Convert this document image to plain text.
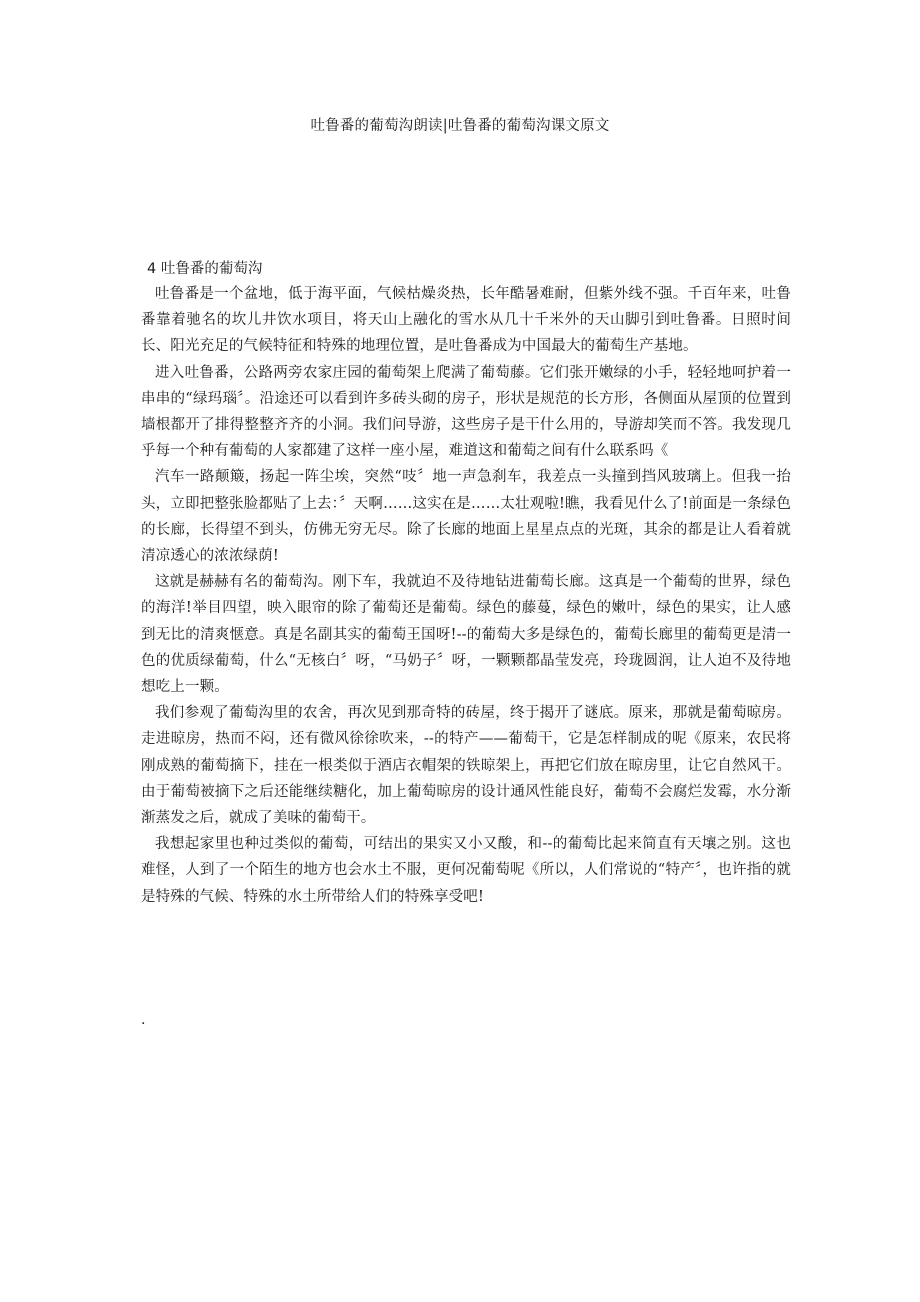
吐鲁番的葡萄沟朗读|吐鲁番的葡萄沟课文原文
4 吐鲁番的葡萄沟

吐鲁番是一个盆地，低于海平面，气候枯燥炎热，长年酷暑难耐，但紫外线不强。千百年来，吐鲁番靠着驰名的坎儿井饮水项目，将天山上融化的雪水从几十千米外的天山脚引到吐鲁番。日照时间长、阳光充足的气候特征和特殊的地理位置，是吐鲁番成为中国最大的葡萄生产基地。

进入吐鲁番，公路两旁农家庄园的葡萄架上爬满了葡萄藤。它们张开嫩绿的小手，轻轻地呵护着一串串的“绿玛瑙〞。沿途还可以看到许多砖头砌的房子，形状是规范的长方形，各侧面从屋顶的位置到墙根都开了排得整整齐齐的小洞。我们问导游，这些房子是干什么用的，导游却笑而不答。我发现几乎每一个种有葡萄的人家都建了这样一座小屋，难道这和葡萄之间有什么联系吗《

汽车一路颠簸，扬起一阵尘埃，突然“吱〞地一声急刹车，我差点一头撞到挡风玻璃上。但我一抬头，立即把整张脸都贴了上去：〞天啊……这实在是……太壮观啦!瞧，我看见什么了!前面是一条绿色的长廊，长得望不到头，仿佛无穷无尽。除了长廊的地面上星星点点的光斑，其余的都是让人看着就清凉透心的浓浓绿荫!

这就是赫赫有名的葡萄沟。刚下车，我就迫不及待地钻进葡萄长廊。这真是一个葡萄的世界，绿色的海洋!举目四望，映入眼帘的除了葡萄还是葡萄。绿色的藤蔓，绿色的嫩叶，绿色的果实，让人感到无比的清爽惬意。真是名副其实的葡萄王国呀!--的葡萄大多是绿色的，葡萄长廊里的葡萄更是清一色的优质绿葡萄，什么“无核白〞呀，“马奶子〞呀，一颗颗都晶莹发亮，玲珑圆润，让人迫不及待地想吃上一颗。

我们参观了葡萄沟里的农舍，再次见到那奇特的砖屋，终于揭开了谜底。原来，那就是葡萄晾房。走进晾房，热而不闷，还有微风徐徐吹来，--的特产——葡萄干，它是怎样制成的呢《原来，农民将刚成熟的葡萄摘下，挂在一根类似于酒店衣帽架的铁晾架上，再把它们放在晾房里，让它自然风干。由于葡萄被摘下之后还能继续糖化，加上葡萄晾房的设计通风性能良好，葡萄不会腐烂发霉，水分渐渐蒸发之后，就成了美味的葡萄干。

我想起家里也种过类似的葡萄，可结出的果实又小又酸，和--的葡萄比起来简直有天壤之别。这也难怪，人到了一个陌生的地方也会水土不服，更何况葡萄呢《所以，人们常说的“特产〞，也许指的就是特殊的气候、特殊的水土所带给人们的特殊享受吧!

.
